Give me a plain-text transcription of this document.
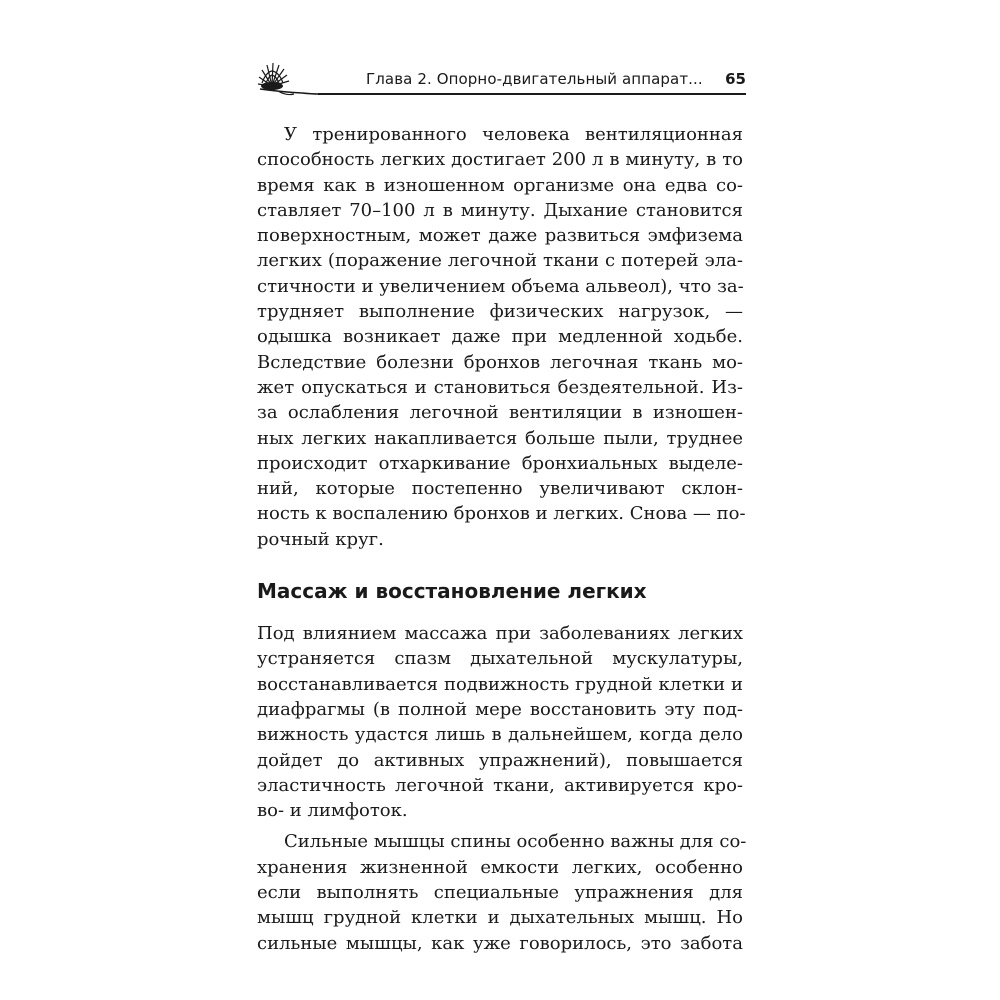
Глава 2. Опорно-двигательный аппарат... 65
У тренированного человека вентиляционная
способность легких достигает 200 л в минуту, в то
время как в изношенном организме она едва со-
ставляет 70–100 л в минуту. Дыхание становится
поверхностным, может даже развиться эмфизема
легких (поражение легочной ткани с потерей эла-
стичности и увеличением объема альвеол), что за-
трудняет выполнение физических нагрузок, —
одышка возникает даже при медленной ходьбе.
Вследствие болезни бронхов легочная ткань мо-
жет опускаться и становиться бездеятельной. Из-
за ослабления легочной вентиляции в изношен-
ных легких накапливается больше пыли, труднее
происходит отхаркивание бронхиальных выделе-
ний, которые постепенно увеличивают склон-
ность к воспалению бронхов и легких. Снова — по-
рочный круг.
Массаж и восстановление легких
Под влиянием массажа при заболеваниях легких
устраняется спазм дыхательной мускулатуры,
восстанавливается подвижность грудной клетки и
диафрагмы (в полной мере восстановить эту под-
вижность удастся лишь в дальнейшем, когда дело
дойдет до активных упражнений), повышается
эластичность легочной ткани, активируется кро-
во- и лимфоток.
Сильные мышцы спины особенно важны для со-
хранения жизненной емкости легких, особенно
если выполнять специальные упражнения для
мышц грудной клетки и дыхательных мышц. Но
сильные мышцы, как уже говорилось, это забота
